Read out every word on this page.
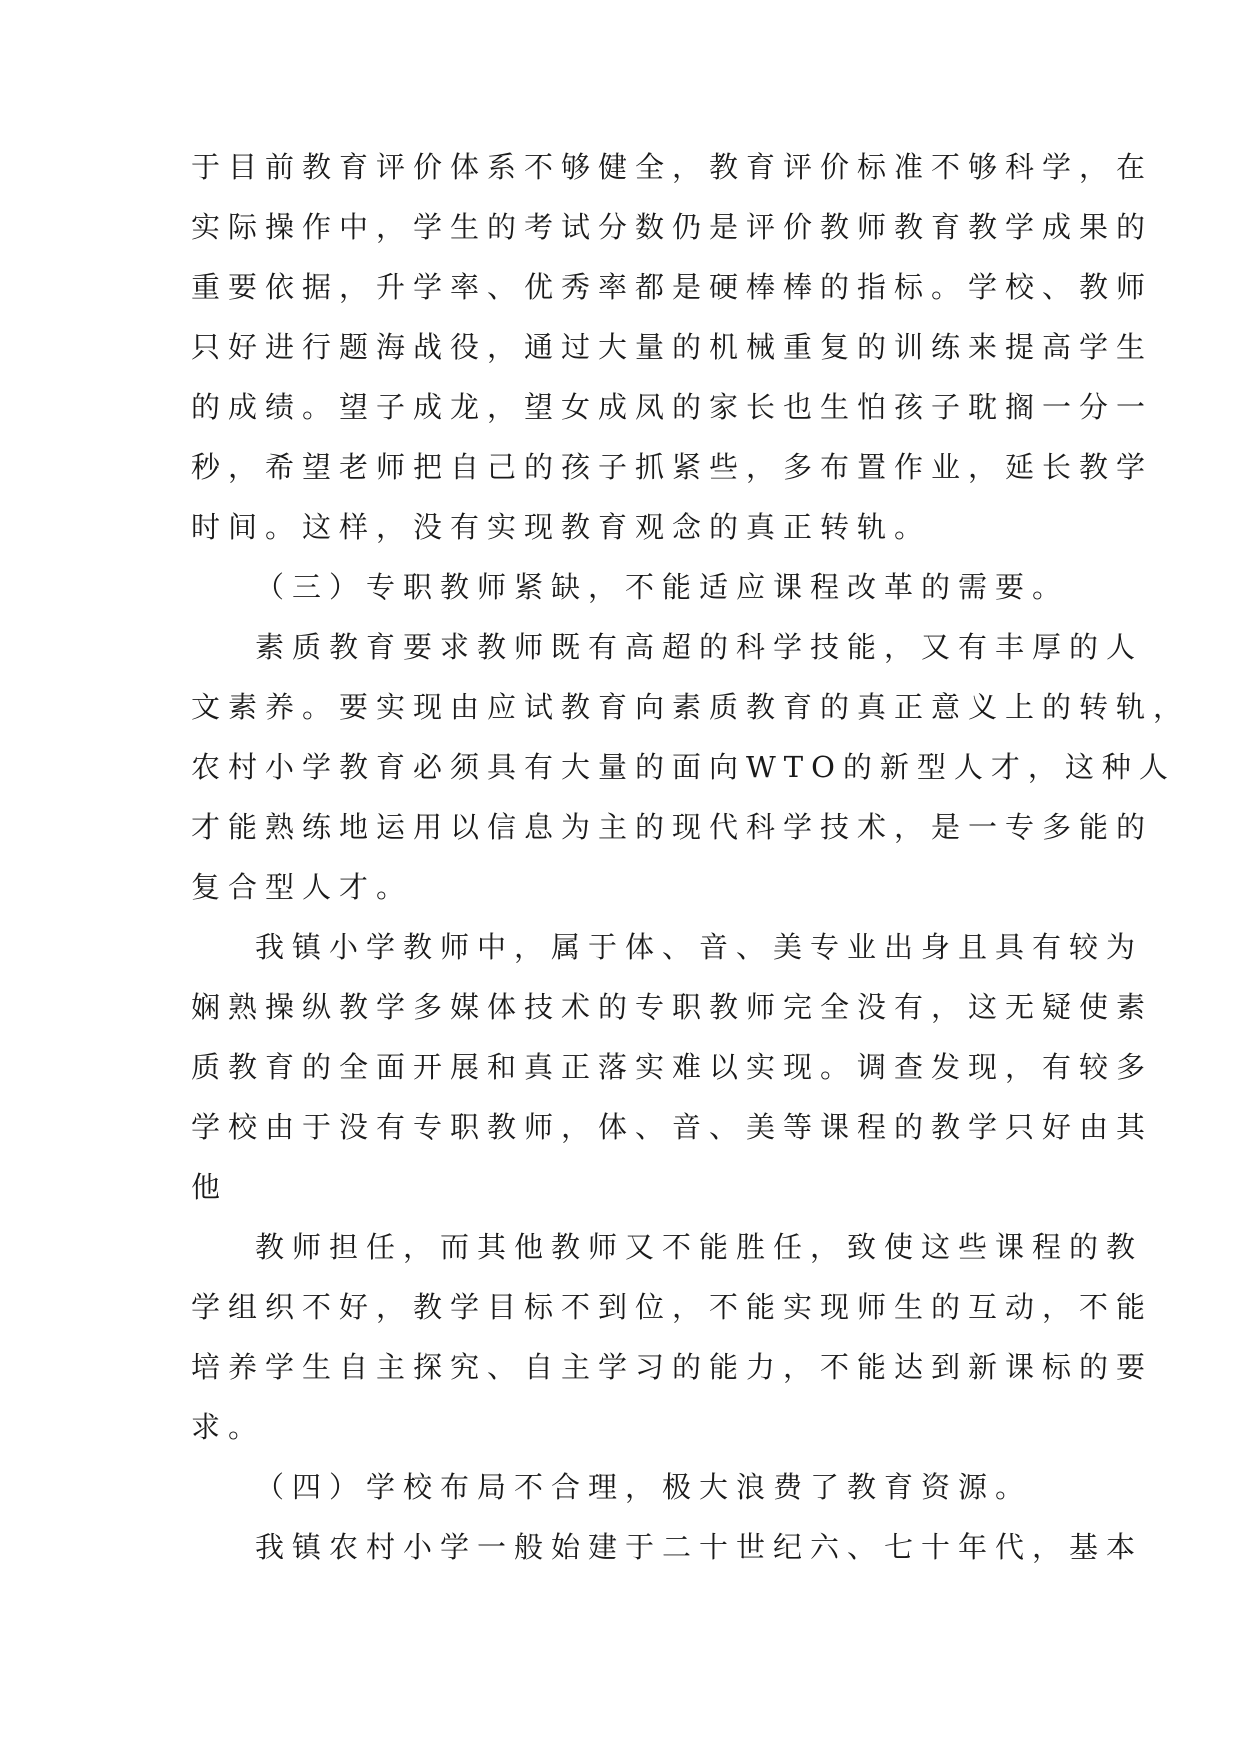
于目前教育评价体系不够健全，教育评价标准不够科学，在
实际操作中，学生的考试分数仍是评价教师教育教学成果的
重要依据，升学率、优秀率都是硬棒棒的指标。学校、教师
只好进行题海战役，通过大量的机械重复的训练来提高学生
的成绩。望子成龙，望女成凤的家长也生怕孩子耽搁一分一
秒，希望老师把自己的孩子抓紧些，多布置作业，延长教学
时间。这样，没有实现教育观念的真正转轨。
（三）专职教师紧缺，不能适应课程改革的需要。
素质教育要求教师既有高超的科学技能，又有丰厚的人
文素养。要实现由应试教育向素质教育的真正意义上的转轨，
农村小学教育必须具有大量的面向WTO的新型人才，这种人
才能熟练地运用以信息为主的现代科学技术，是一专多能的
复合型人才。
我镇小学教师中，属于体、音、美专业出身且具有较为
娴熟操纵教学多媒体技术的专职教师完全没有，这无疑使素
质教育的全面开展和真正落实难以实现。调查发现，有较多
学校由于没有专职教师，体、音、美等课程的教学只好由其
他
教师担任，而其他教师又不能胜任，致使这些课程的教
学组织不好，教学目标不到位，不能实现师生的互动，不能
培养学生自主探究、自主学习的能力，不能达到新课标的要
求。
（四）学校布局不合理，极大浪费了教育资源。
我镇农村小学一般始建于二十世纪六、七十年代，基本
